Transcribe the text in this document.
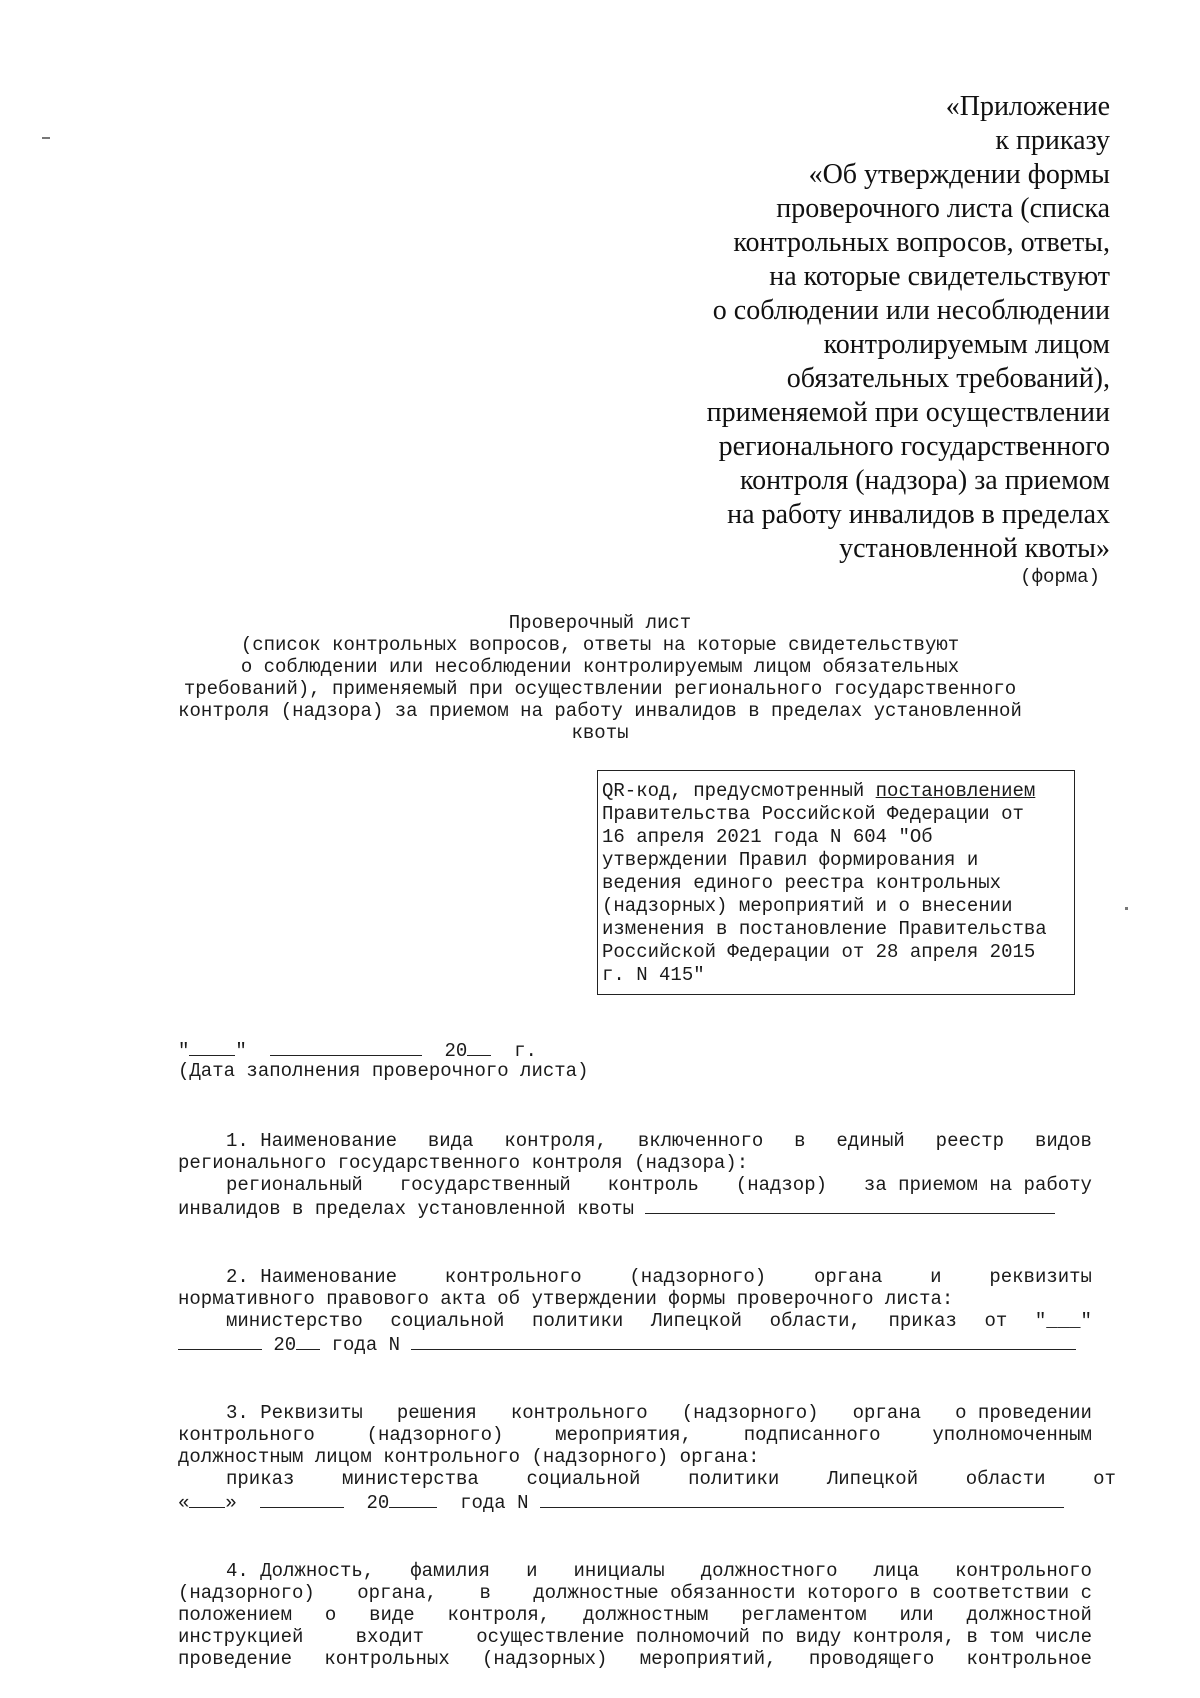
«Приложение
к приказу
«Об утверждении формы
проверочного листа (списка
контрольных вопросов, ответы,
на которые свидетельствуют
о соблюдении или несоблюдении
контролируемым лицом
обязательных требований),
применяемой при осуществлении
регионального государственного
контроля (надзора) за приемом
на работу инвалидов в пределах
установленной квоты»
(форма)
Проверочный лист
(список контрольных вопросов, ответы на которые свидетельствуют
о соблюдении или несоблюдении контролируемым лицом обязательных
требований), применяемый при осуществлении регионального государственного
контроля (надзора) за приемом на работу инвалидов в пределах установленной
квоты
QR-код, предусмотренный постановлением
Правительства Российской Федерации от
16 апреля 2021 года N 604 "Об
утверждении Правил формирования и
ведения единого реестра контрольных
(надзорных) мероприятий и о внесении
изменения в постановление Правительства
Российской Федерации от 28 апреля 2015
г. N 415"
" "	20 г.
(Дата заполнения проверочного листа)
1. Наименование вида контроля, включенного в единый реестр видов
регионального государственного контроля (надзора):
региональный государственный контроль (надзор) за приемом на работу
инвалидов в пределах установленной квоты
2. Наименование	контрольного	(надзорного)	органа	и	реквизиты
нормативного правового акта об утверждении формы проверочного листа:
министерство социальной политики Липецкой области, приказ от "___"
20 года N
3. Реквизиты решения контрольного (надзорного) органа о проведении
контрольного	(надзорного)	мероприятия,	подписанного	уполномоченным
должностным лицом контрольного (надзорного) органа:
приказ	министерства	социальной	политики	Липецкой	области	от
« »	20	года N
4. Должность, фамилия и инициалы должностного лица контрольного
(надзорного) органа, в должностные обязанности которого в соответствии с
положением о виде контроля, должностным регламентом или должностной
инструкцией	входит	осуществление полномочий по виду контроля, в том числе
проведение контрольных (надзорных) мероприятий, проводящего контрольное
